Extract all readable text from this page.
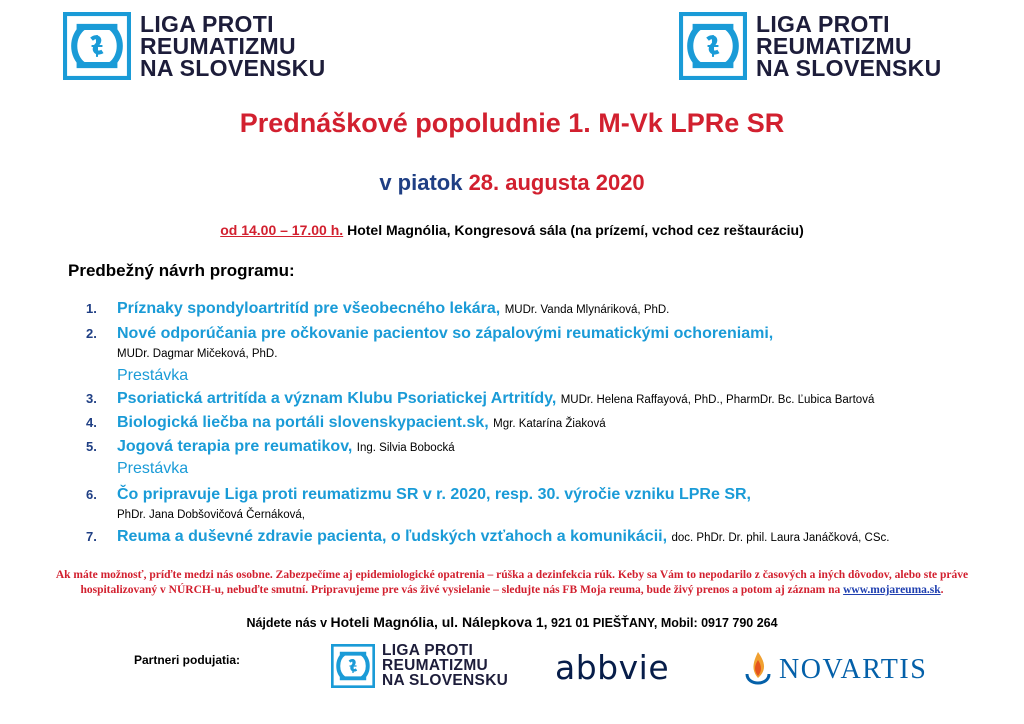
LIGA PROTI
REUMATIZMU
NA SLOVENSKU
LIGA PROTI
REUMATIZMU
NA SLOVENSKU
Prednáškové popoludnie 1. M-Vk LPRe SR
v piatok 28. augusta 2020
od 14.00 – 17.00 h. Hotel Magnólia, Kongresová sála (na prízemí, vchod cez reštauráciu)
Predbežný návrh programu:
1. Príznaky spondyloartritíd pre všeobecného lekára, MUDr. Vanda Mlynáriková, PhD.
2. Nové odporúčania pre očkovanie pacientov so zápalovými reumatickými ochoreniami,
MUDr. Dagmar Mičeková, PhD.
Prestávka
3. Psoriatická artritída a význam Klubu Psoriatickej Artritídy, MUDr. Helena Raffayová, PhD., PharmDr. Bc. Ľubica Bartová
4. Biologická liečba na portáli slovenskypacient.sk, Mgr. Katarína Žiaková
5. Jogová terapia pre reumatikov, Ing. Silvia Bobocká
Prestávka
6. Čo pripravuje Liga proti reumatizmu SR v r. 2020, resp. 30. výročie vzniku LPRe SR,
PhDr. Jana Dobšovičová Černáková,
7. Reuma a duševné zdravie pacienta, o ľudských vzťahoch a komunikácii, doc. PhDr. Dr. phil. Laura Janáčková, CSc.
Ak máte možnosť, príďte medzi nás osobne. Zabezpečíme aj epidemiologické opatrenia – rúška a dezinfekcia rúk. Keby sa Vám to nepodarilo z časových a iných dôvodov, alebo ste práve hospitalizovaný v NÚRCH-u, nebuďte smutní. Pripravujeme pre vás živé vysielanie – sledujte nás FB Moja reuma, bude živý prenos a potom aj záznam na www.mojareuma.sk.
Nájdete nás v Hoteli Magnólia, ul. Nálepkova 1, 921 01 PIEŠŤANY, Mobil: 0917 790 264
Partneri podujatia:
LIGA PROTI
REUMATIZMU
NA SLOVENSKU abbvie	NOVARTIS
